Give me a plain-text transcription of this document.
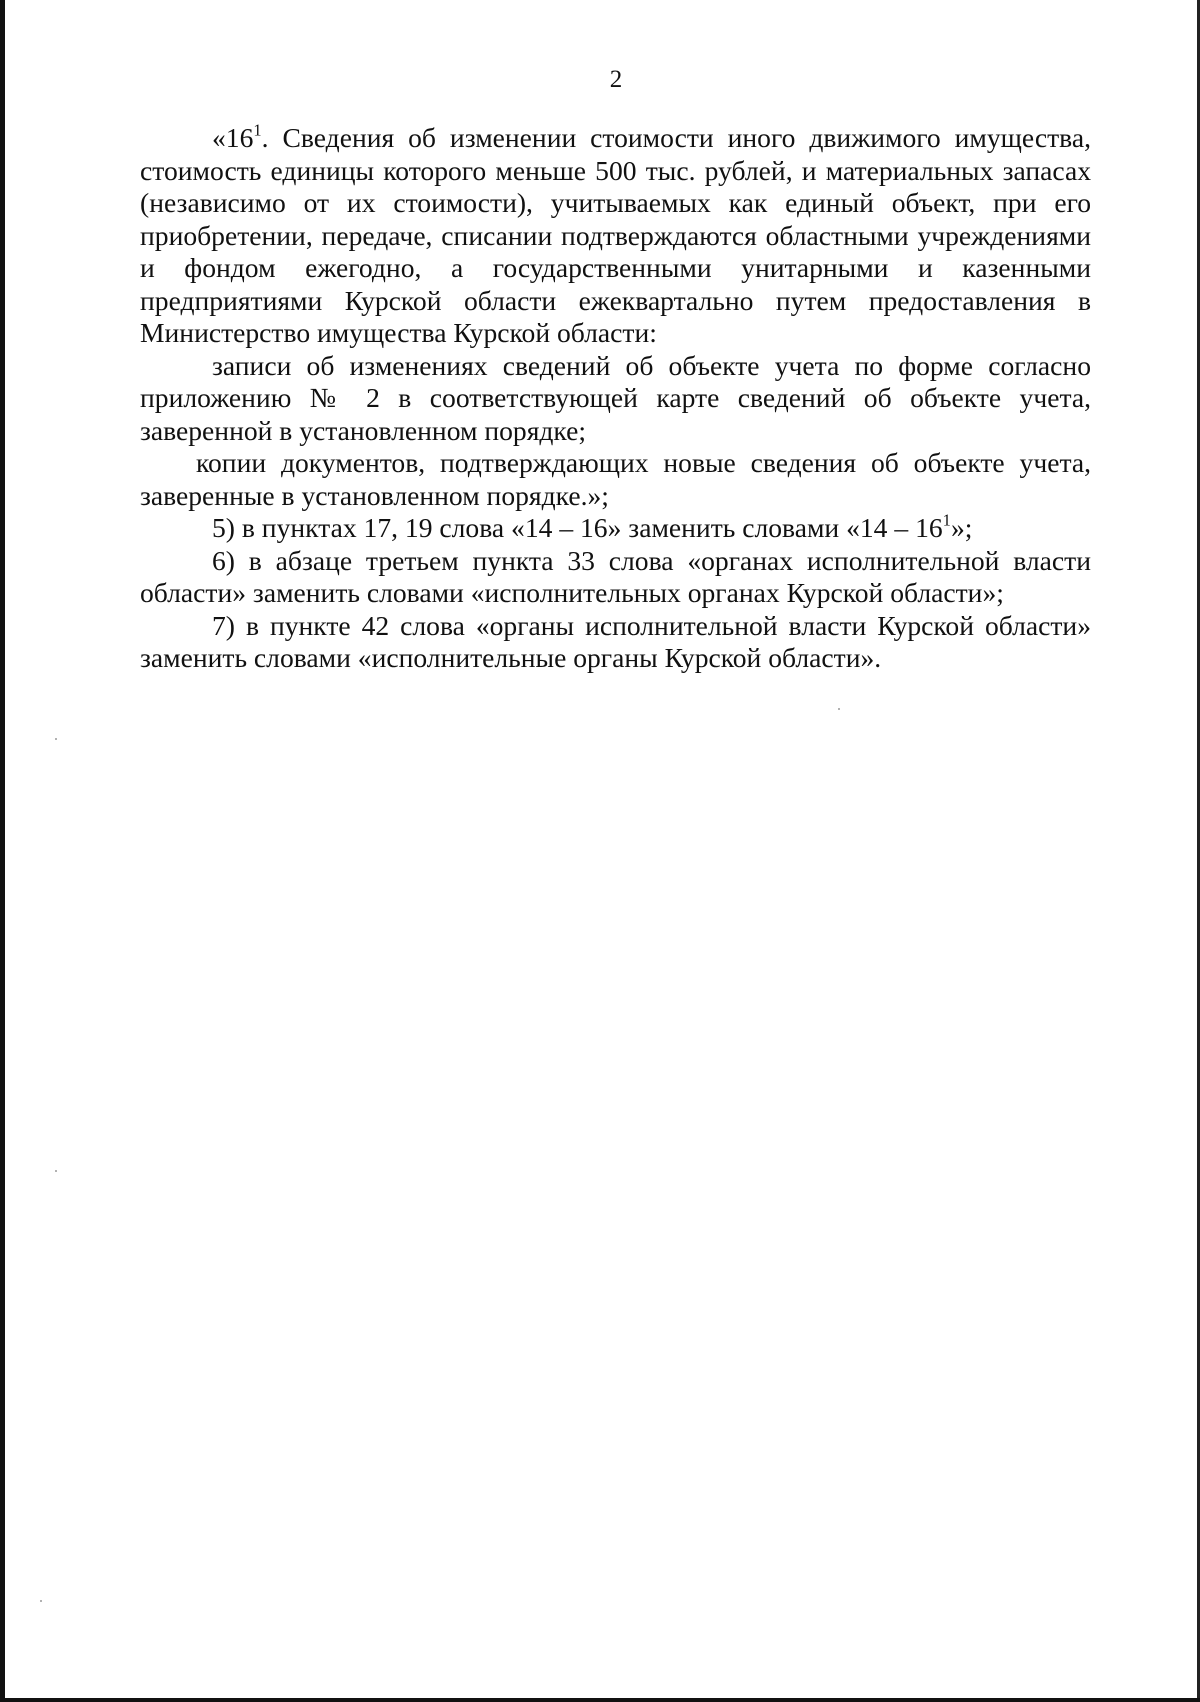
2

«$16^1$. Сведения об изменении стоимости иного движимого имущества, стоимость единицы которого меньше 500 тыс. рублей, и материальных запасах (независимо от их стоимости), учитываемых как единый объект, при его приобретении, передаче, списании подтверждаются областными учреждениями и фондом ежегодно, а государственными унитарными и казенными предприятиями Курской области ежеквартально путем предоставления в Министерство имущества Курской области:

записи об изменениях сведений об объекте учета по форме согласно приложению № 2 в соответствующей карте сведений об объекте учета, заверенной в установленном порядке;

копии документов, подтверждающих новые сведения об объекте учета, заверенные в установленном порядке.»;

5) в пунктах 17, 19 слова «14 – 16» заменить словами «$14 - 16^1$»;

6) в абзаце третьем пункта 33 слова «органах исполнительной власти области» заменить словами «исполнительных органах Курской области»;

7) в пункте 42 слова «органы исполнительной власти Курской области» заменить словами «исполнительные органы Курской области».
